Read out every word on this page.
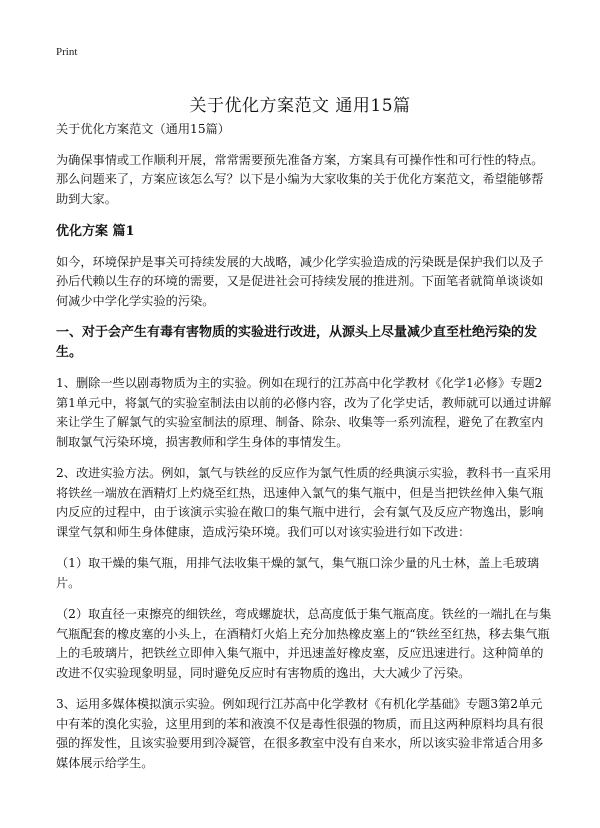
Print
关于优化方案范文 通用15篇

关于优化方案范文（通用15篇）

为确保事情或工作顺利开展，常常需要预先准备方案，方案具有可操作性和可行性的特点。那么问题来了，方案应该怎么写？以下是小编为大家收集的关于优化方案范文，希望能够帮助到大家。

优化方案 篇1

如今，环境保护是事关可持续发展的大战略，减少化学实验造成的污染既是保护我们以及子孙后代赖以生存的环境的需要，又是促进社会可持续发展的推进剂。下面笔者就简单谈谈如何减少中学化学实验的污染。

一、对于会产生有毒有害物质的实验进行改进，从源头上尽量减少直至杜绝污染的发生。

1、删除一些以剧毒物质为主的实验。例如在现行的江苏高中化学教材《化学1必修》专题2第1单元中，将氯气的实验室制法由以前的必修内容，改为了化学史话，教师就可以通过讲解来让学生了解氯气的实验室制法的原理、制备、除杂、收集等一系列流程，避免了在教室内制取氯气污染环境，损害教师和学生身体的事情发生。

2、改进实验方法。例如，氯气与铁丝的反应作为氯气性质的经典演示实验，教科书一直采用将铁丝一端放在酒精灯上灼烧至红热，迅速伸入氯气的集气瓶中，但是当把铁丝伸入集气瓶内反应的过程中，由于该演示实验在敞口的集气瓶中进行，会有氯气及反应产物逸出，影响课堂气氛和师生身体健康，造成污染环境。我们可以对该实验进行如下改进：

（1）取干燥的集气瓶，用排气法收集干燥的氯气，集气瓶口涂少量的凡士林，盖上毛玻璃片。

（2）取直径一束擦亮的细铁丝，弯成螺旋状，总高度低于集气瓶高度。铁丝的一端扎在与集气瓶配套的橡皮塞的小头上，在酒精灯火焰上充分加热橡皮塞上的“铁丝至红热，移去集气瓶上的毛玻璃片，把铁丝立即伸入集气瓶中，并迅速盖好橡皮塞，反应迅速进行。这种简单的改进不仅实验现象明显，同时避免反应时有害物质的逸出，大大减少了污染。

3、运用多媒体模拟演示实验。例如现行江苏高中化学教材《有机化学基础》专题3第2单元中有苯的溴化实验，这里用到的苯和液溴不仅是毒性很强的物质，而且这两种原料均具有很强的挥发性，且该实验要用到冷凝管，在很多教室中没有自来水，所以该实验非常适合用多媒体展示给学生。
